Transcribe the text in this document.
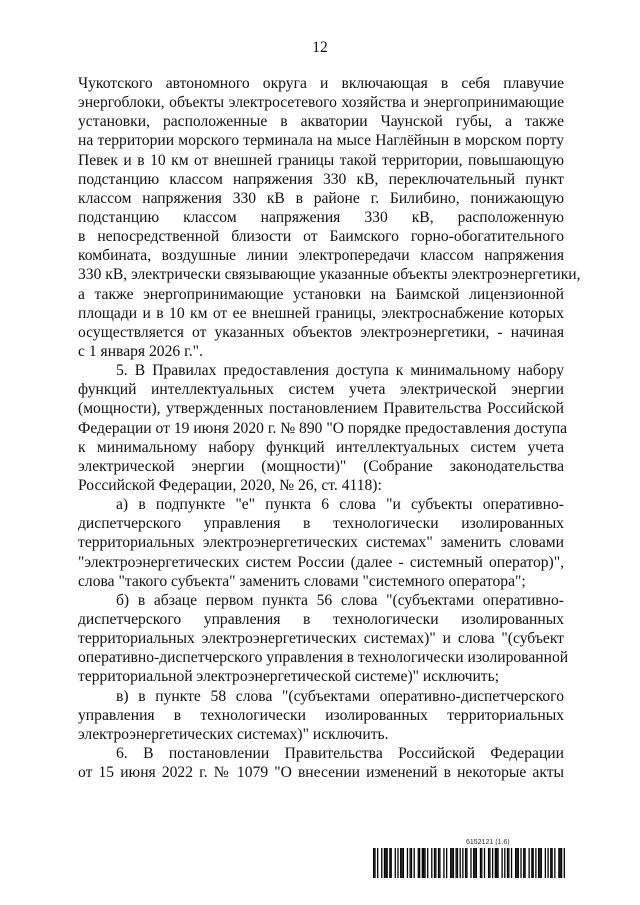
12
Чукотского автономного округа и включающая в себя плавучие
энергоблоки, объекты электросетевого хозяйства и энергопринимающие
установки, расположенные в акватории Чаунской губы, а также
на территории морского терминала на мысе Наглёйнын в морском порту
Певек и в 10 км от внешней границы такой территории, повышающую
подстанцию классом напряжения 330 кВ, переключательный пункт
классом напряжения 330 кВ в районе г. Билибино, понижающую
подстанцию классом напряжения 330 кВ, расположенную
в непосредственной близости от Баимского горно-обогатительного
комбината, воздушные линии электропередачи классом напряжения
330 кВ, электрически связывающие указанные объекты электроэнергетики,
а также энергопринимающие установки на Баимской лицензионной
площади и в 10 км от ее внешней границы, электроснабжение которых
осуществляется от указанных объектов электроэнергетики, - начиная
с 1 января 2026 г.".
5. В Правилах предоставления доступа к минимальному набору
функций интеллектуальных систем учета электрической энергии
(мощности), утвержденных постановлением Правительства Российской
Федерации от 19 июня 2020 г. № 890 "О порядке предоставления доступа
к минимальному набору функций интеллектуальных систем учета
электрической энергии (мощности)" (Собрание законодательства
Российской Федерации, 2020, № 26, ст. 4118):
а) в подпункте "е" пункта 6 слова "и субъекты оперативно-
диспетчерского управления в технологически изолированных
территориальных электроэнергетических системах" заменить словами
"электроэнергетических систем России (далее - системный оператор)",
слова "такого субъекта" заменить словами "системного оператора";
б) в абзаце первом пункта 56 слова "(субъектами оперативно-
диспетчерского управления в технологически изолированных
территориальных электроэнергетических системах)" и слова "(субъект
оперативно-диспетчерского управления в технологически изолированной
территориальной электроэнергетической системе)" исключить;
в) в пункте 58 слова "(субъектами оперативно-диспетчерского
управления в технологически изолированных территориальных
электроэнергетических системах)" исключить.
6. В постановлении Правительства Российской Федерации
от 15 июня 2022 г. № 1079 "О внесении изменений в некоторые акты
6152121 (1.6)
